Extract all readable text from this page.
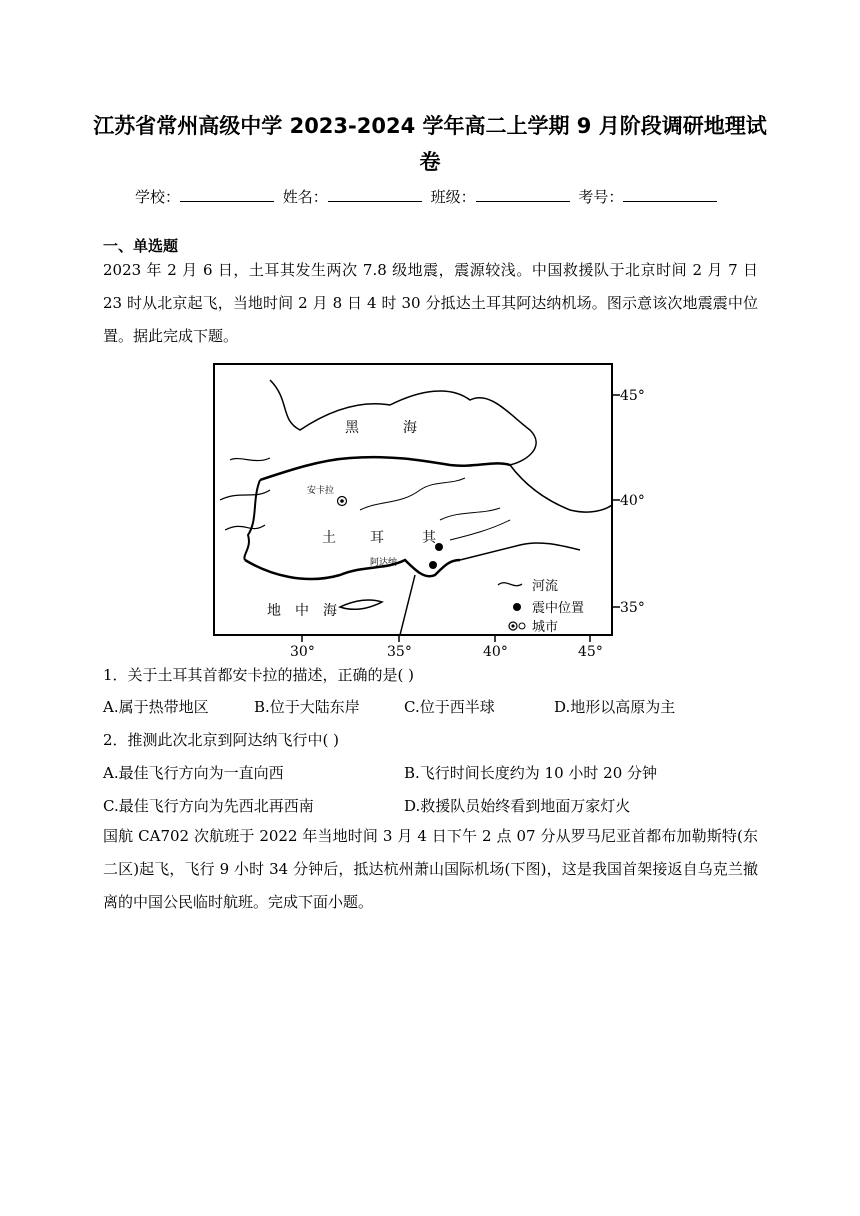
江苏省常州高级中学 2023-2024 学年高二上学期 9 月阶段调研地理试
卷
学校：	姓名：	班级：	考号：
一、单选题
2023 年 2 月 6 日，土耳其发生两次 7.8 级地震，震源较浅。中国救援队于北京时间 2 月 7 日 23 时从北京起飞，当地时间 2 月 8 日 4 时 30 分抵达土耳其阿达纳机场。图示意该次地震震中位置。据此完成下题。
黑	海
土 耳	其
地 中 海
安卡拉
阿达纳
45°
40°
35°
30°	35°	40°	45°
河流
震中位置
城市
1．关于土耳其首都安卡拉的描述，正确的是( )
A.属于热带地区	B.位于大陆东岸	C.位于西半球	D.地形以高原为主
2．推测此次北京到阿达纳飞行中( )
A.最佳飞行方向为一直向西	B.飞行时间长度约为 10 小时 20 分钟
C.最佳飞行方向为先西北再西南	D.救援队员始终看到地面万家灯火
国航 CA702 次航班于 2022 年当地时间 3 月 4 日下午 2 点 07 分从罗马尼亚首都布加勒斯特(东二区)起飞，飞行 9 小时 34 分钟后，抵达杭州萧山国际机场(下图)，这是我国首架接返自乌克兰撤离的中国公民临时航班。完成下面小题。
